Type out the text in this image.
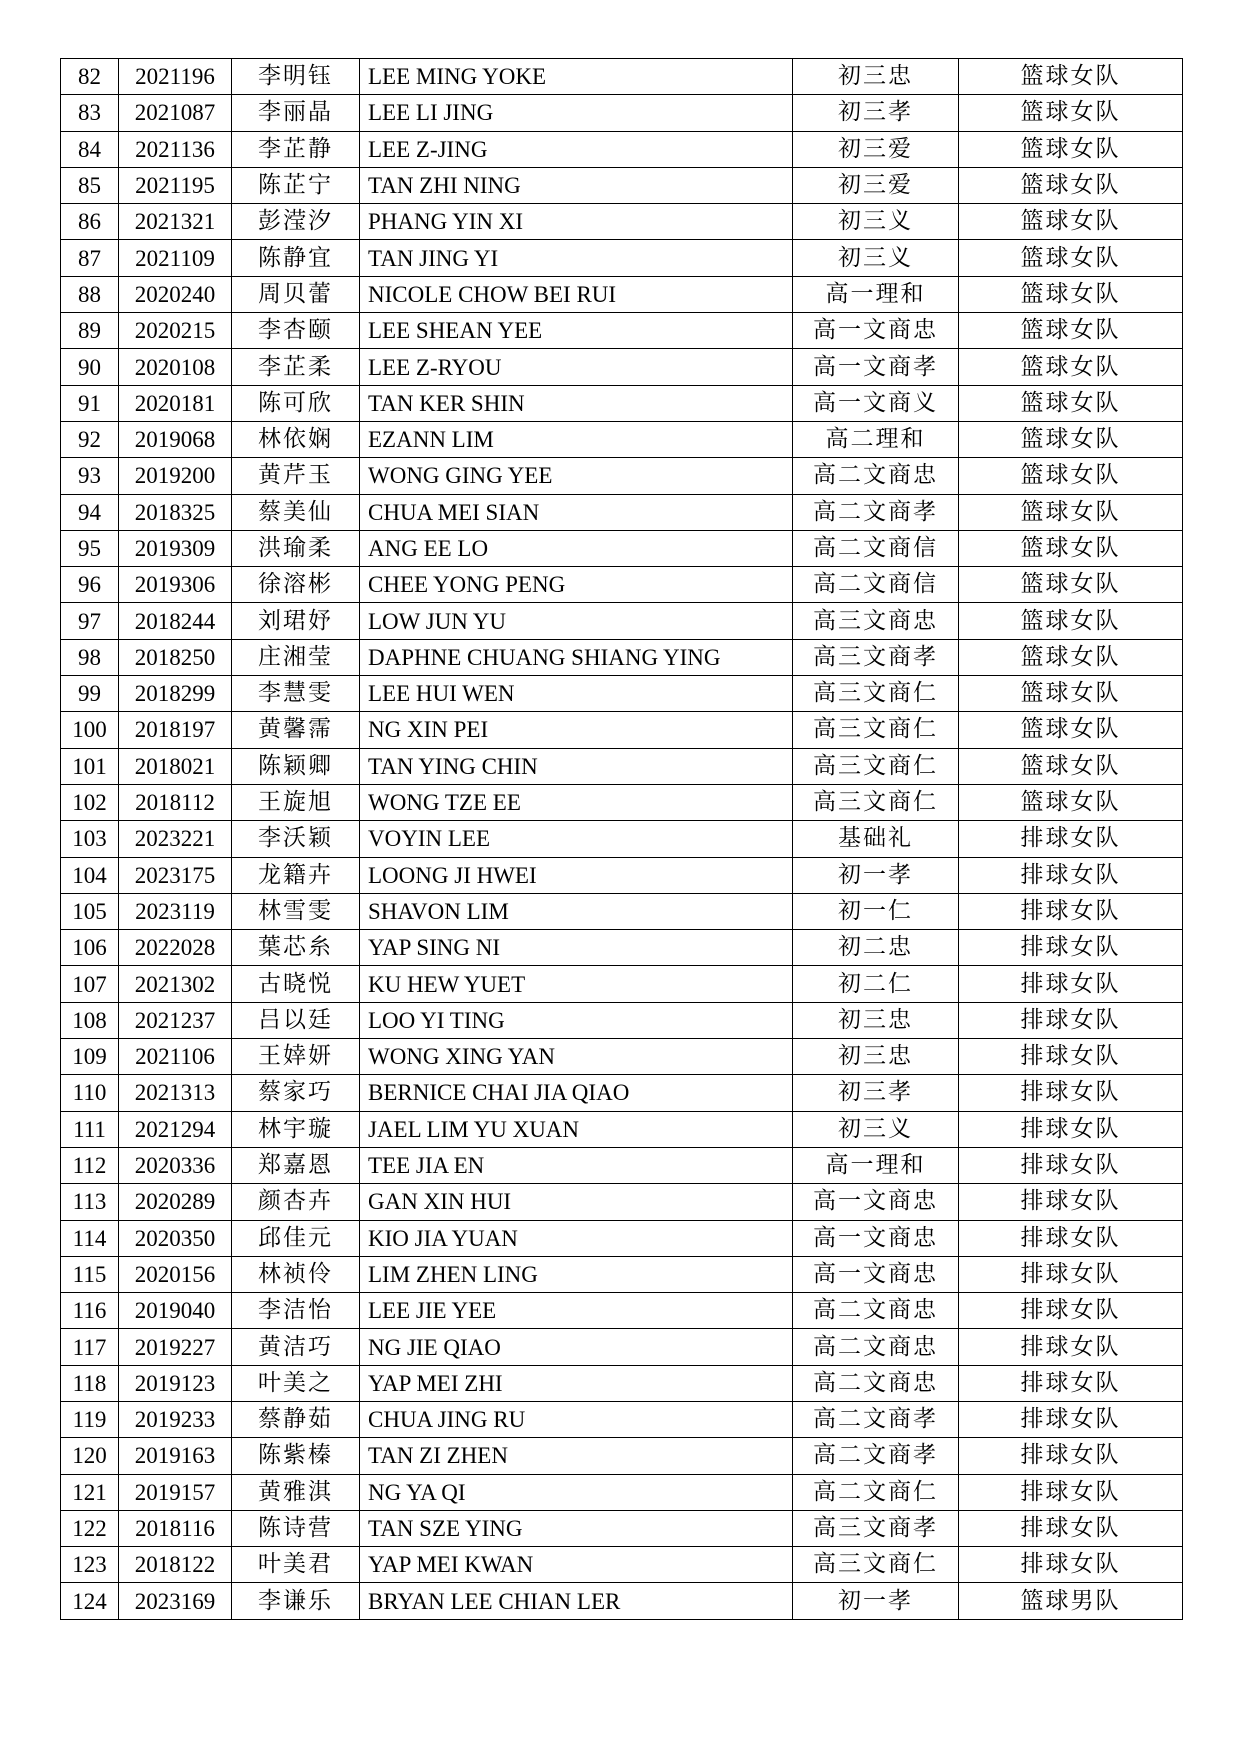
82	2021196	李明钰	LEE MING YOKE	初三忠	篮球女队
83	2021087	李丽晶	LEE LI JING	初三孝	篮球女队
84	2021136	李芷静	LEE Z-JING	初三爱	篮球女队
85	2021195	陈芷宁	TAN ZHI NING	初三爱	篮球女队
86	2021321	彭滢汐	PHANG YIN XI	初三义	篮球女队
87	2021109	陈静宜	TAN JING YI	初三义	篮球女队
88	2020240	周贝蕾	NICOLE CHOW BEI RUI	高一理和	篮球女队
89	2020215	李杏颐	LEE SHEAN YEE	高一文商忠	篮球女队
90	2020108	李芷柔	LEE Z-RYOU	高一文商孝	篮球女队
91	2020181	陈可欣	TAN KER SHIN	高一文商义	篮球女队
92	2019068	林依娴	EZANN LIM	高二理和	篮球女队
93	2019200	黄芹玉	WONG GING YEE	高二文商忠	篮球女队
94	2018325	蔡美仙	CHUA MEI SIAN	高二文商孝	篮球女队
95	2019309	洪瑜柔	ANG EE LO	高二文商信	篮球女队
96	2019306	徐溶彬	CHEE YONG PENG	高二文商信	篮球女队
97	2018244	刘珺妤	LOW JUN YU	高三文商忠	篮球女队
98	2018250	庄湘莹	DAPHNE CHUANG SHIANG YING	高三文商孝	篮球女队
99	2018299	李慧雯	LEE HUI WEN	高三文商仁	篮球女队
100	2018197	黄馨霈	NG XIN PEI	高三文商仁	篮球女队
101	2018021	陈颖卿	TAN YING CHIN	高三文商仁	篮球女队
102	2018112	王旋旭	WONG TZE EE	高三文商仁	篮球女队
103	2023221	李沃颖	VOYIN LEE	基础礼	排球女队
104	2023175	龙籍卉	LOONG JI HWEI	初一孝	排球女队
105	2023119	林雪雯	SHAVON LIM	初一仁	排球女队
106	2022028	葉芯糸	YAP SING NI	初二忠	排球女队
107	2021302	古晓悦	KU HEW YUET	初二仁	排球女队
108	2021237	吕以廷	LOO YI TING	初三忠	排球女队
109	2021106	王婞妍	WONG XING YAN	初三忠	排球女队
110	2021313	蔡家巧	BERNICE CHAI JIA QIAO	初三孝	排球女队
111	2021294	林宇璇	JAEL LIM YU XUAN	初三义	排球女队
112	2020336	郑嘉恩	TEE JIA EN	高一理和	排球女队
113	2020289	颜杏卉	GAN XIN HUI	高一文商忠	排球女队
114	2020350	邱佳元	KIO JIA YUAN	高一文商忠	排球女队
115	2020156	林祯伶	LIM ZHEN LING	高一文商忠	排球女队
116	2019040	李洁怡	LEE JIE YEE	高二文商忠	排球女队
117	2019227	黄洁巧	NG JIE QIAO	高二文商忠	排球女队
118	2019123	叶美之	YAP MEI ZHI	高二文商忠	排球女队
119	2019233	蔡静茹	CHUA JING RU	高二文商孝	排球女队
120	2019163	陈紫榛	TAN ZI ZHEN	高二文商孝	排球女队
121	2019157	黄雅淇	NG YA QI	高二文商仁	排球女队
122	2018116	陈诗营	TAN SZE YING	高三文商孝	排球女队
123	2018122	叶美君	YAP MEI KWAN	高三文商仁	排球女队
124	2023169	李谦乐	BRYAN LEE CHIAN LER	初一孝	篮球男队
